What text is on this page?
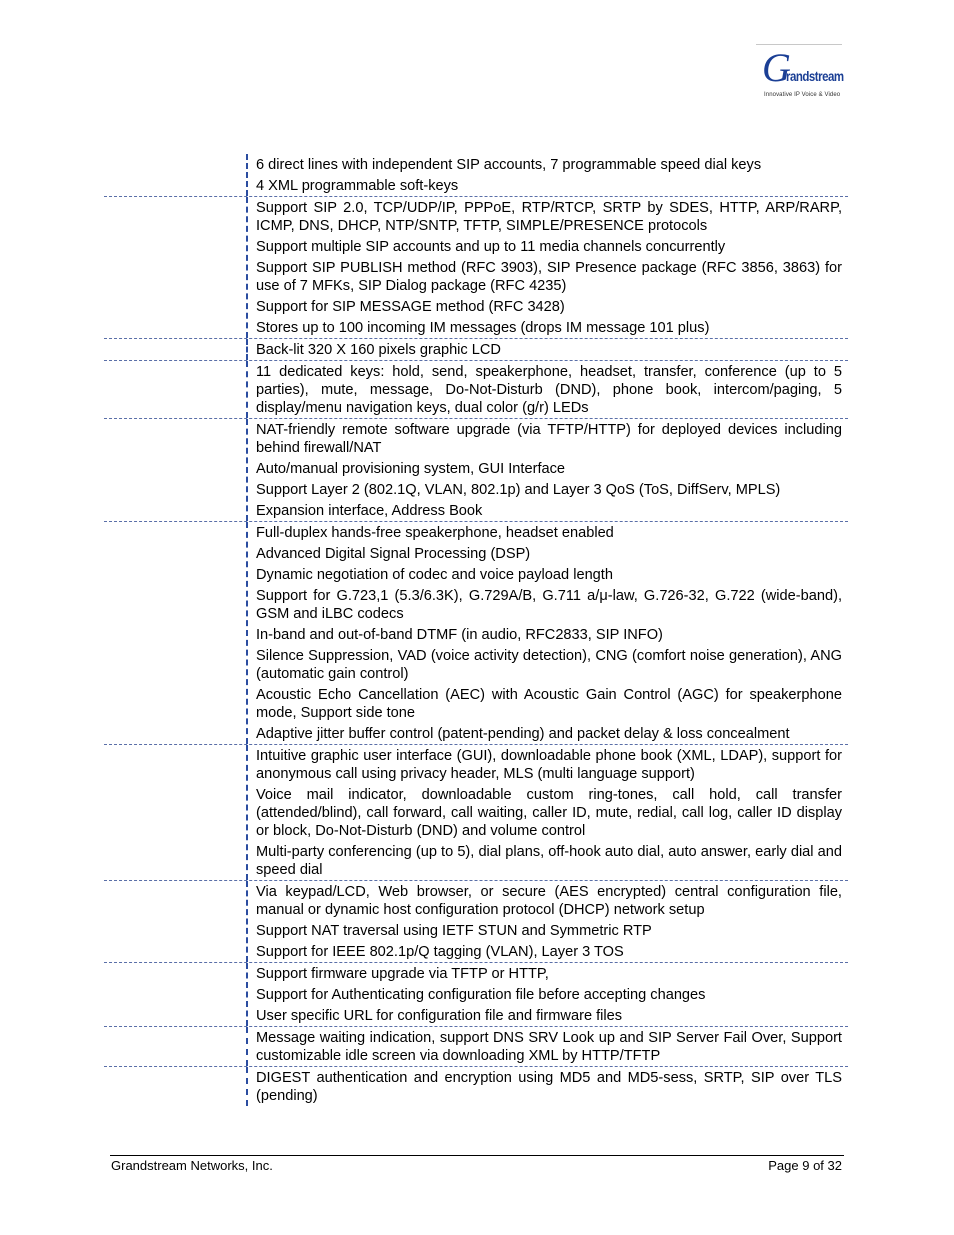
G
randstream
Innovative IP Voice & Video
6 direct lines with independent SIP accounts, 7 programmable speed dial keys
4 XML programmable soft-keys
Support SIP 2.0, TCP/UDP/IP, PPPoE, RTP/RTCP, SRTP by SDES, HTTP, ARP/RARP, ICMP, DNS, DHCP, NTP/SNTP, TFTP, SIMPLE/PRESENCE protocols
Support multiple SIP accounts and up to 11 media channels concurrently
Support SIP PUBLISH method (RFC 3903), SIP Presence package (RFC 3856, 3863) for use of 7 MFKs, SIP Dialog package (RFC 4235)
Support for SIP MESSAGE method (RFC 3428)
Stores up to 100 incoming IM messages (drops IM message 101 plus)
Back-lit 320 X 160 pixels graphic LCD
11 dedicated keys: hold, send, speakerphone, headset, transfer, conference (up to 5 parties), mute, message, Do-Not-Disturb (DND), phone book, intercom/paging, 5 display/menu navigation keys, dual color (g/r) LEDs
NAT-friendly remote software upgrade (via TFTP/HTTP) for deployed devices including behind firewall/NAT
Auto/manual provisioning system, GUI Interface
Support Layer 2 (802.1Q, VLAN, 802.1p) and Layer 3 QoS (ToS, DiffServ, MPLS)
Expansion interface, Address Book
Full-duplex hands-free speakerphone, headset enabled
Advanced Digital Signal Processing (DSP)
Dynamic negotiation of codec and voice payload length
Support for G.723,1 (5.3/6.3K), G.729A/B, G.711 a/μ-law, G.726-32, G.722 (wide-band), GSM and iLBC codecs
In-band and out-of-band DTMF (in audio, RFC2833, SIP INFO)
Silence Suppression, VAD (voice activity detection), CNG (comfort noise generation), ANG (automatic gain control)
Acoustic Echo Cancellation (AEC) with Acoustic Gain Control (AGC) for speakerphone mode, Support side tone
Adaptive jitter buffer control (patent-pending) and packet delay & loss concealment
Intuitive graphic user interface (GUI), downloadable phone book (XML, LDAP), support for anonymous call using privacy header, MLS (multi language support)
Voice mail indicator, downloadable custom ring-tones, call hold, call transfer (attended/blind), call forward, call waiting, caller ID, mute, redial, call log, caller ID display or block, Do-Not-Disturb (DND) and volume control
Multi-party conferencing (up to 5), dial plans, off-hook auto dial, auto answer, early dial and speed dial
Via keypad/LCD, Web browser, or secure (AES encrypted) central configuration file, manual or dynamic host configuration protocol (DHCP) network setup
Support NAT traversal using IETF STUN and Symmetric RTP
Support for IEEE 802.1p/Q tagging (VLAN), Layer 3 TOS
Support firmware upgrade via TFTP or HTTP,
Support for Authenticating configuration file before accepting changes
User specific URL for configuration file and firmware files
Message waiting indication, support DNS SRV Look up and SIP Server Fail Over, Support customizable idle screen via downloading XML by HTTP/TFTP
DIGEST authentication and encryption using MD5 and MD5-sess, SRTP, SIP over TLS (pending)
Grandstream Networks, Inc.	Page 9 of 32
